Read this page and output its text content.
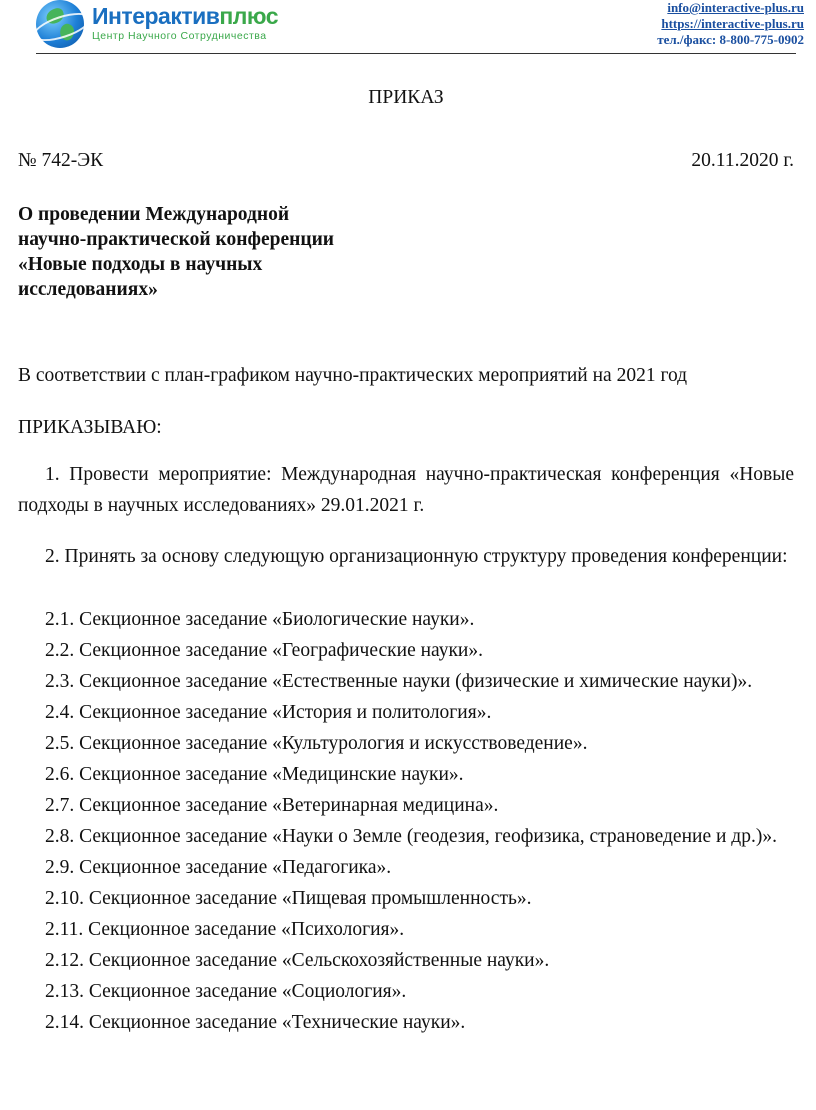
Интерактивплюс
Центр Научного Сотрудничества
info@interactive-plus.ru
https://interactive-plus.ru
тел./факс: 8-800-775-0902
ПРИКАЗ
№ 742-ЭК	20.11.2020 г.
О проведении Международной
научно-практической конференции
«Новые подходы в научных
исследованиях»
В соответствии с план-графиком научно-практических мероприятий на 2021 год
ПРИКАЗЫВАЮ:

1. Провести мероприятие: Международная научно-практическая конференция «Новые подходы в научных исследованиях» 29.01.2021 г.

2. Принять за основу следующую организационную структуру проведения конференции:

2.1. Секционное заседание «Биологические науки».

2.2. Секционное заседание «Географические науки».

2.3. Секционное заседание «Естественные науки (физические и химические науки)».

2.4. Секционное заседание «История и политология».

2.5. Секционное заседание «Культурология и искусствоведение».

2.6. Секционное заседание «Медицинские науки».

2.7. Секционное заседание «Ветеринарная медицина».

2.8. Секционное заседание «Науки о Земле (геодезия, геофизика, страноведение и др.)».

2.9. Секционное заседание «Педагогика».

2.10. Секционное заседание «Пищевая промышленность».

2.11. Секционное заседание «Психология».

2.12. Секционное заседание «Сельскохозяйственные науки».

2.13. Секционное заседание «Социология».

2.14. Секционное заседание «Технические науки».
